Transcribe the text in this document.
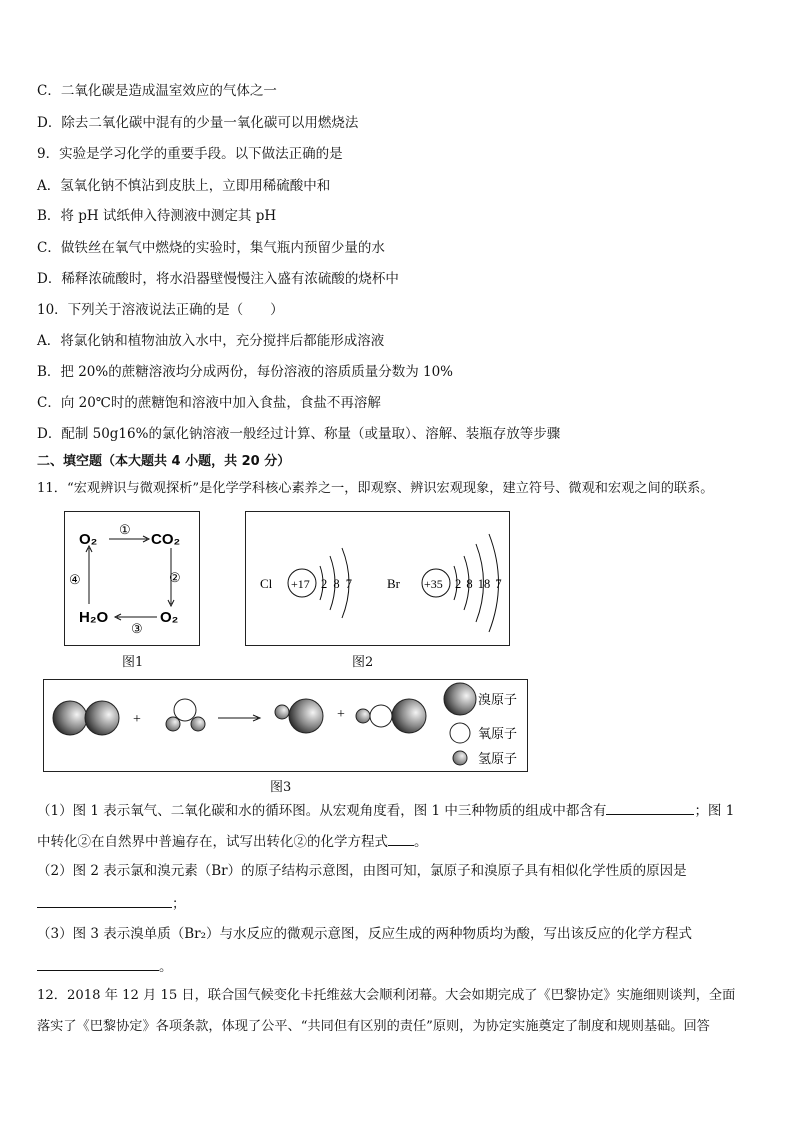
C．二氧化碳是造成温室效应的气体之一
D．除去二氧化碳中混有的少量一氧化碳可以用燃烧法
9．实验是学习化学的重要手段。以下做法正确的是
A．氢氧化钠不慎沾到皮肤上，立即用稀硫酸中和
B．将 pH 试纸伸入待测液中测定其 pH
C．做铁丝在氧气中燃烧的实验时，集气瓶内预留少量的水
D．稀释浓硫酸时，将水沿器壁慢慢注入盛有浓硫酸的烧杯中
10．下列关于溶液说法正确的是（　　）
A．将氯化钠和植物油放入水中，充分搅拌后都能形成溶液
B．把 20%的蔗糖溶液均分成两份，每份溶液的溶质质量分数为 10%
C．向 20℃时的蔗糖饱和溶液中加入食盐，食盐不再溶解
D．配制 50g16%的氯化钠溶液一般经过计算、称量（或量取）、溶解、装瓶存放等步骤
二、填空题（本大题共 4 小题，共 20 分）
11．“宏观辨识与微观探析”是化学学科核心素养之一，即观察、辨识宏观现象，建立符号、微观和宏观之间的联系。
O₂	CO₂
H₂O	O₂
①
②
③
④
图1
Cl +17 2 8 7	Br +35 2 8 18 7
图2
+	+
溴原子
氧原子
氢原子
图3
（1）图 1 表示氧气、二氧化碳和水的循环图。从宏观角度看，图 1 中三种物质的组成中都含有	；图 1
中转化②在自然界中普遍存在，试写出转化②的化学方程式 。
（2）图 2 表示氯和溴元素（Br）的原子结构示意图，由图可知，氯原子和溴原子具有相似化学性质的原因是
；
（3）图 3 表示溴单质（Br₂）与水反应的微观示意图，反应生成的两种物质均为酸，写出该反应的化学方程式
。
12．2018 年 12 月 15 日，联合国气候变化卡托维兹大会顺利闭幕。大会如期完成了《巴黎协定》实施细则谈判，全面
落实了《巴黎协定》各项条款，体现了公平、“共同但有区别的责任”原则，为协定实施奠定了制度和规则基础。回答
